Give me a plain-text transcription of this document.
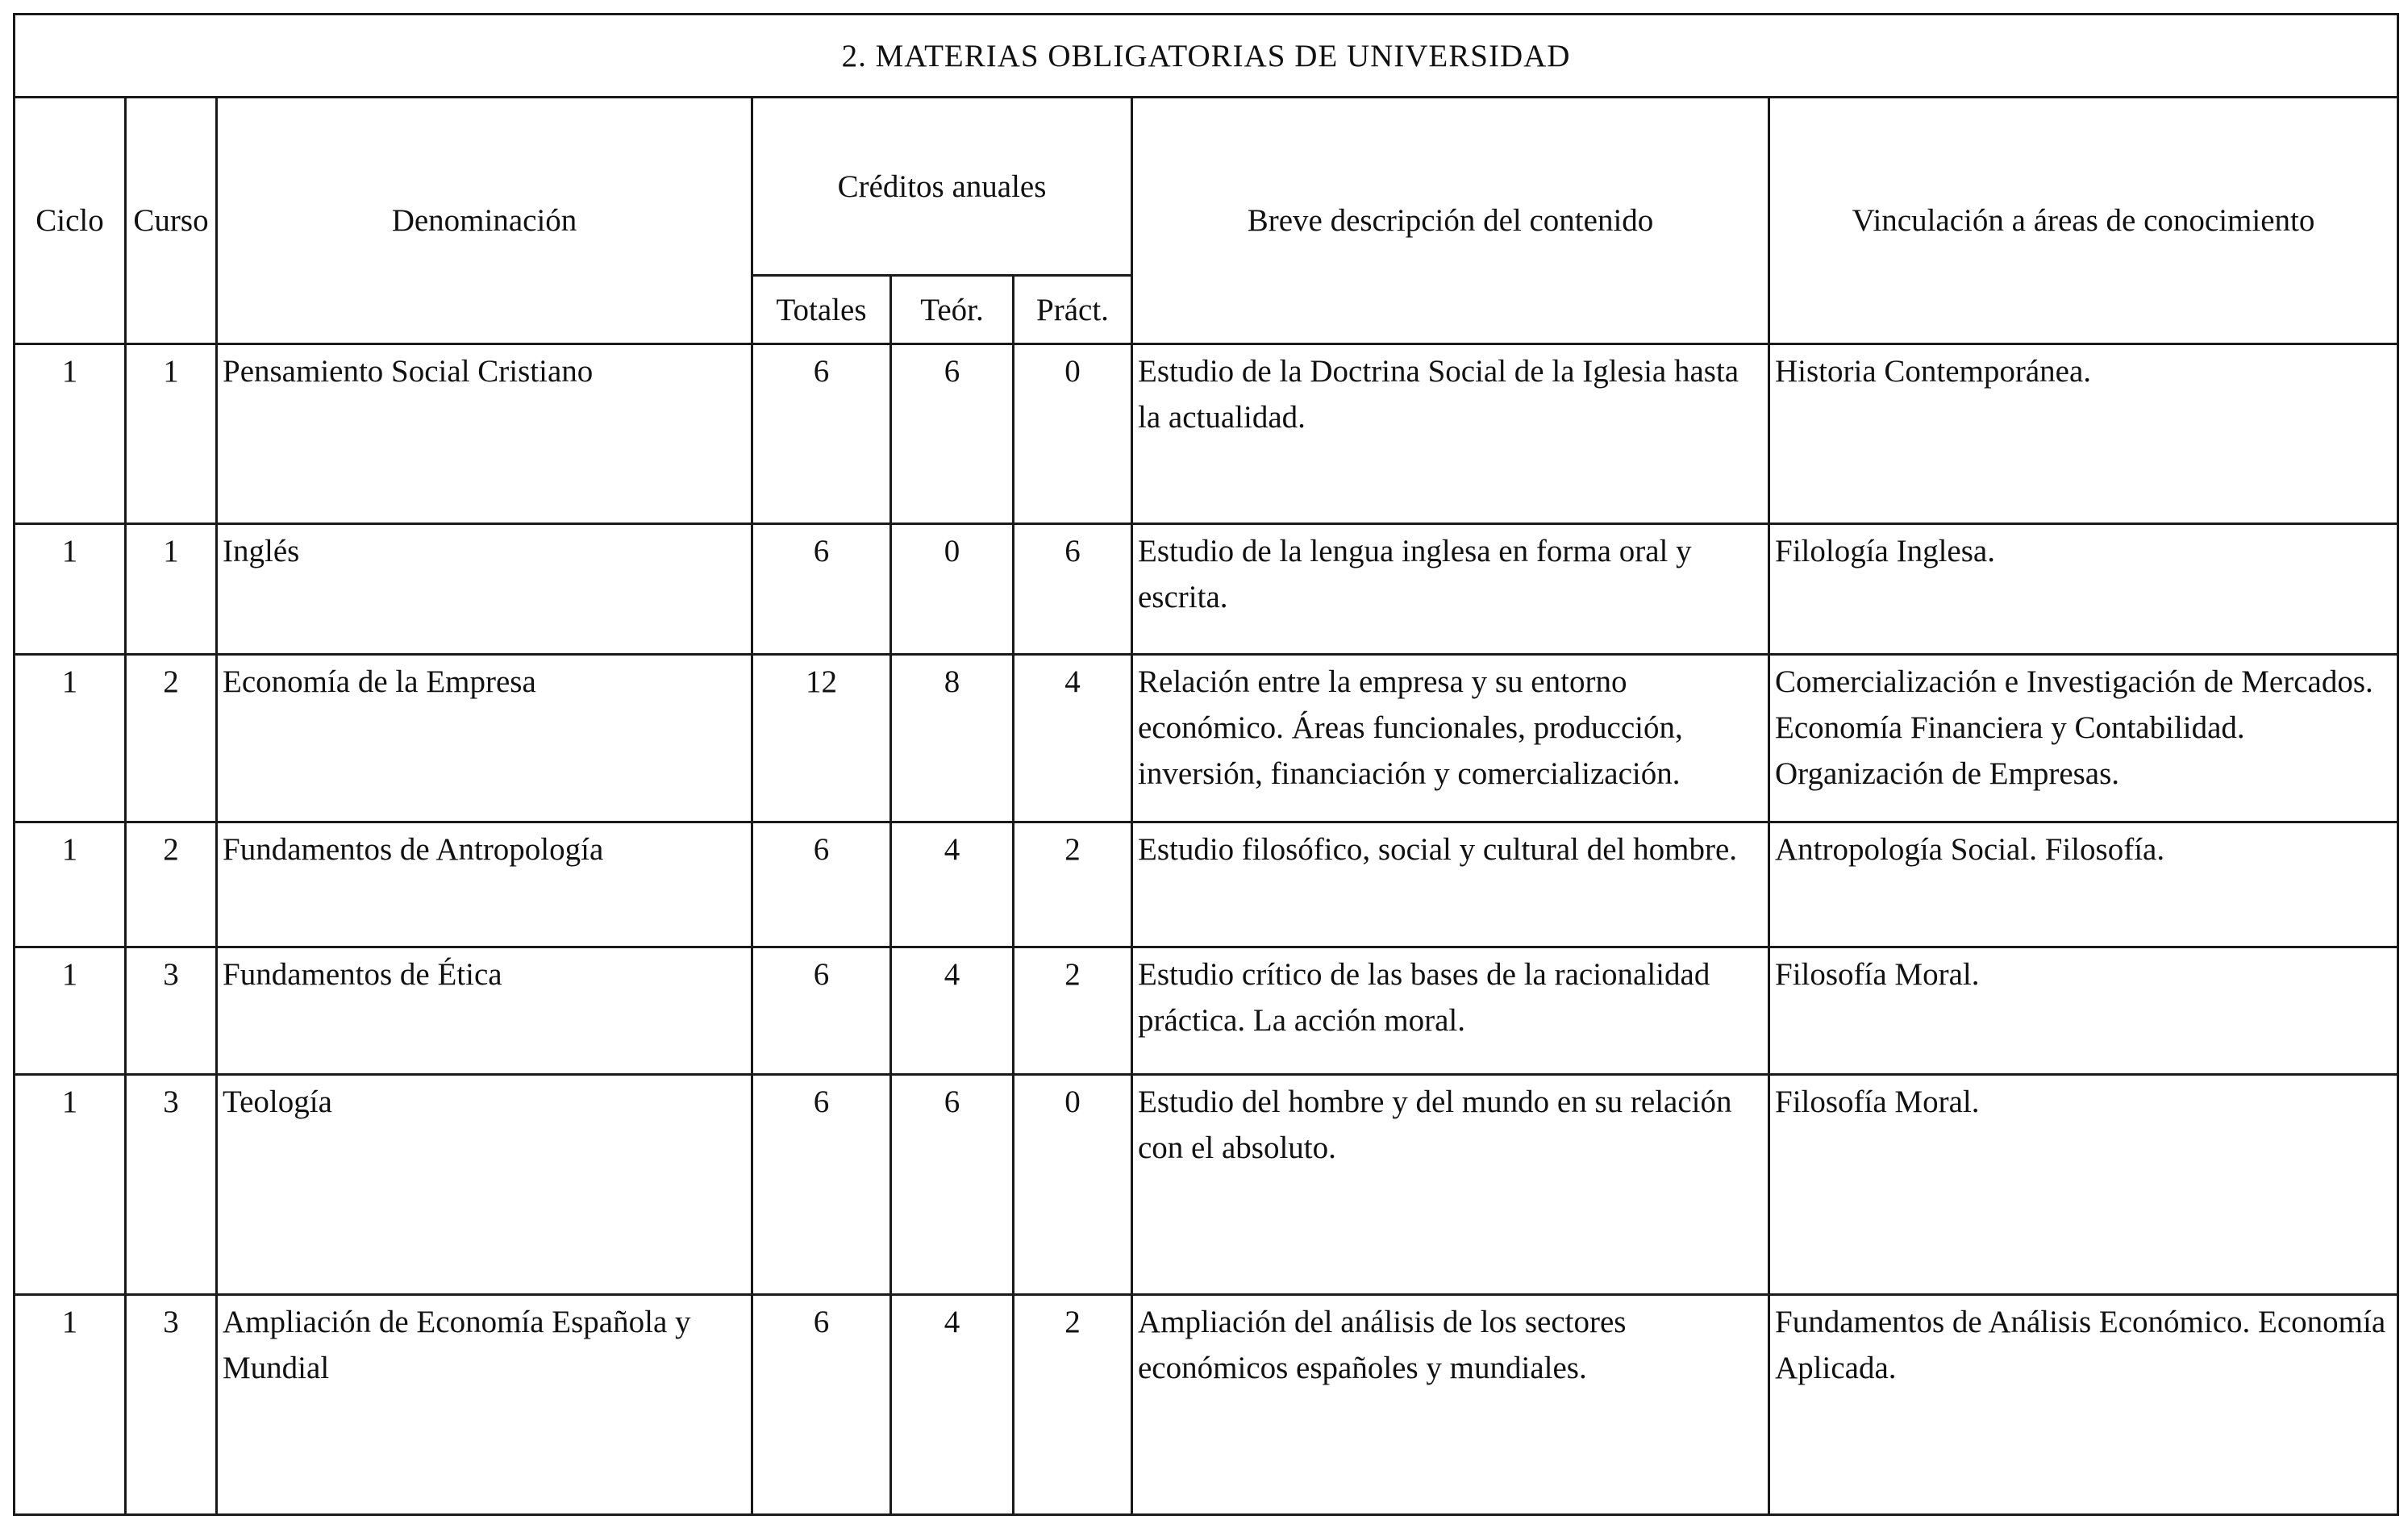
2. MATERIAS OBLIGATORIAS DE UNIVERSIDAD							
Ciclo	Curso	Denominación	Créditos anuales			Breve descripción del contenido	Vinculación a áreas de conocimiento
			Totales	Teór.	Práct.		
1	1	Pensamiento Social Cristiano	6	6	0	Estudio de la Doctrina Social de la Iglesia hasta la actualidad.	Historia Contemporánea.
1	1	Inglés	6	0	6	Estudio de la lengua inglesa en forma oral y escrita.	Filología Inglesa.
1	2	Economía de la Empresa	12	8	4	Relación entre la empresa y su entorno económico. Áreas funcionales, producción, inversión, financiación y comercialización.	Comercialización e Investigación de Mercados. Economía Financiera y Contabilidad. Organización de Empresas.
1	2	Fundamentos de Antropología	6	4	2	Estudio filosófico, social y cultural del hombre.	Antropología Social. Filosofía.
1	3	Fundamentos de Ética	6	4	2	Estudio crítico de las bases de la racionalidad práctica. La acción moral.	Filosofía Moral.
1	3	Teología	6	6	0	Estudio del hombre y del mundo en su relación con el absoluto.	Filosofía Moral.
1	3	Ampliación de Economía Española y Mundial	6	4	2	Ampliación del análisis de los sectores económicos españoles y mundiales.	Fundamentos de Análisis Económico. Economía Aplicada.
